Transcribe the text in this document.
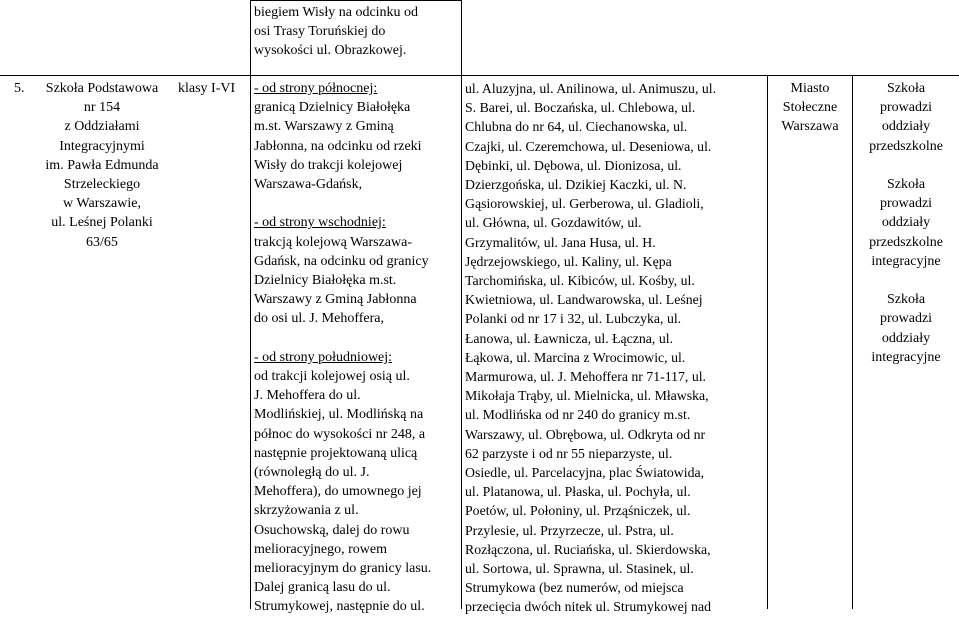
biegiem Wisły na odcinku od
osi Trasy Toruńskiej do
wysokości ul. Obrazkowej.
5.	Szkoła Podstawowa
nr 154
z Oddziałami
Integracyjnymi
im. Pawła Edmunda
Strzeleckiego
w Warszawie,
ul. Leśnej Polanki
63/65
klasy I-VI - od strony północnej:
granicą Dzielnicy Białołęka
m.st. Warszawy z Gminą
Jabłonna, na odcinku od rzeki
Wisły do trakcji kolejowej
Warszawa-Gdańsk,
- od strony wschodniej:
trakcją kolejową Warszawa-
Gdańsk, na odcinku od granicy
Dzielnicy Białołęka m.st.
Warszawy z Gminą Jabłonna
do osi ul. J. Mehoffera,
- od strony południowej:
od trakcji kolejowej osią ul.
J. Mehoffera do ul.
Modlińskiej, ul. Modlińską na
północ do wysokości nr 248, a
następnie projektowaną ulicą
(równoległą do ul. J.
Mehoffera), do umownego jej
skrzyżowania z ul.
Osuchowską, dalej do rowu
melioracyjnego, rowem
melioracyjnym do granicy lasu.
Dalej granicą lasu do ul.
Strumykowej, następnie do ul.
ul. Aluzyjna, ul. Anilinowa, ul. Animuszu, ul.
S. Barei, ul. Boczańska, ul. Chlebowa, ul.
Chlubna do nr 64, ul. Ciechanowska, ul.
Czajki, ul. Czeremchowa, ul. Deseniowa, ul.
Dębinki, ul. Dębowa, ul. Dionizosa, ul.
Dzierzgońska, ul. Dzikiej Kaczki, ul. N.
Gąsiorowskiej, ul. Gerberowa, ul. Gladioli,
ul. Główna, ul. Gozdawitów, ul.
Grzymalitów, ul. Jana Husa, ul. H.
Jędrzejowskiego, ul. Kaliny, ul. Kępa
Tarchomińska, ul. Kibiców, ul. Kośby, ul.
Kwietniowa, ul. Landwarowska, ul. Leśnej
Polanki od nr 17 i 32, ul. Lubczyka, ul.
Łanowa, ul. Ławnicza, ul. Łączna, ul.
Łąkowa, ul. Marcina z Wrocimowic, ul.
Marmurowa, ul. J. Mehoffera nr 71-117, ul.
Mikołaja Trąby, ul. Mielnicka, ul. Mławska,
ul. Modlińska od nr 240 do granicy m.st.
Warszawy, ul. Obrębowa, ul. Odkryta od nr
62 parzyste i od nr 55 nieparzyste, ul.
Osiedle, ul. Parcelacyjna, plac Światowida,
ul. Platanowa, ul. Płaska, ul. Pochyła, ul.
Poetów, ul. Połoniny, ul. Prząśniczek, ul.
Przylesie, ul. Przyrzecze, ul. Pstra, ul.
Rozłączona, ul. Ruciańska, ul. Skierdowska,
ul. Sortowa, ul. Sprawna, ul. Stasinek, ul.
Strumykowa (bez numerów, od miejsca
przecięcia dwóch nitek ul. Strumykowej nad
Miasto
Stołeczne
Warszawa
Szkoła
prowadzi
oddziały
przedszkolne
Szkoła
prowadzi
oddziały
przedszkolne
integracyjne
Szkoła
prowadzi
oddziały
integracyjne
